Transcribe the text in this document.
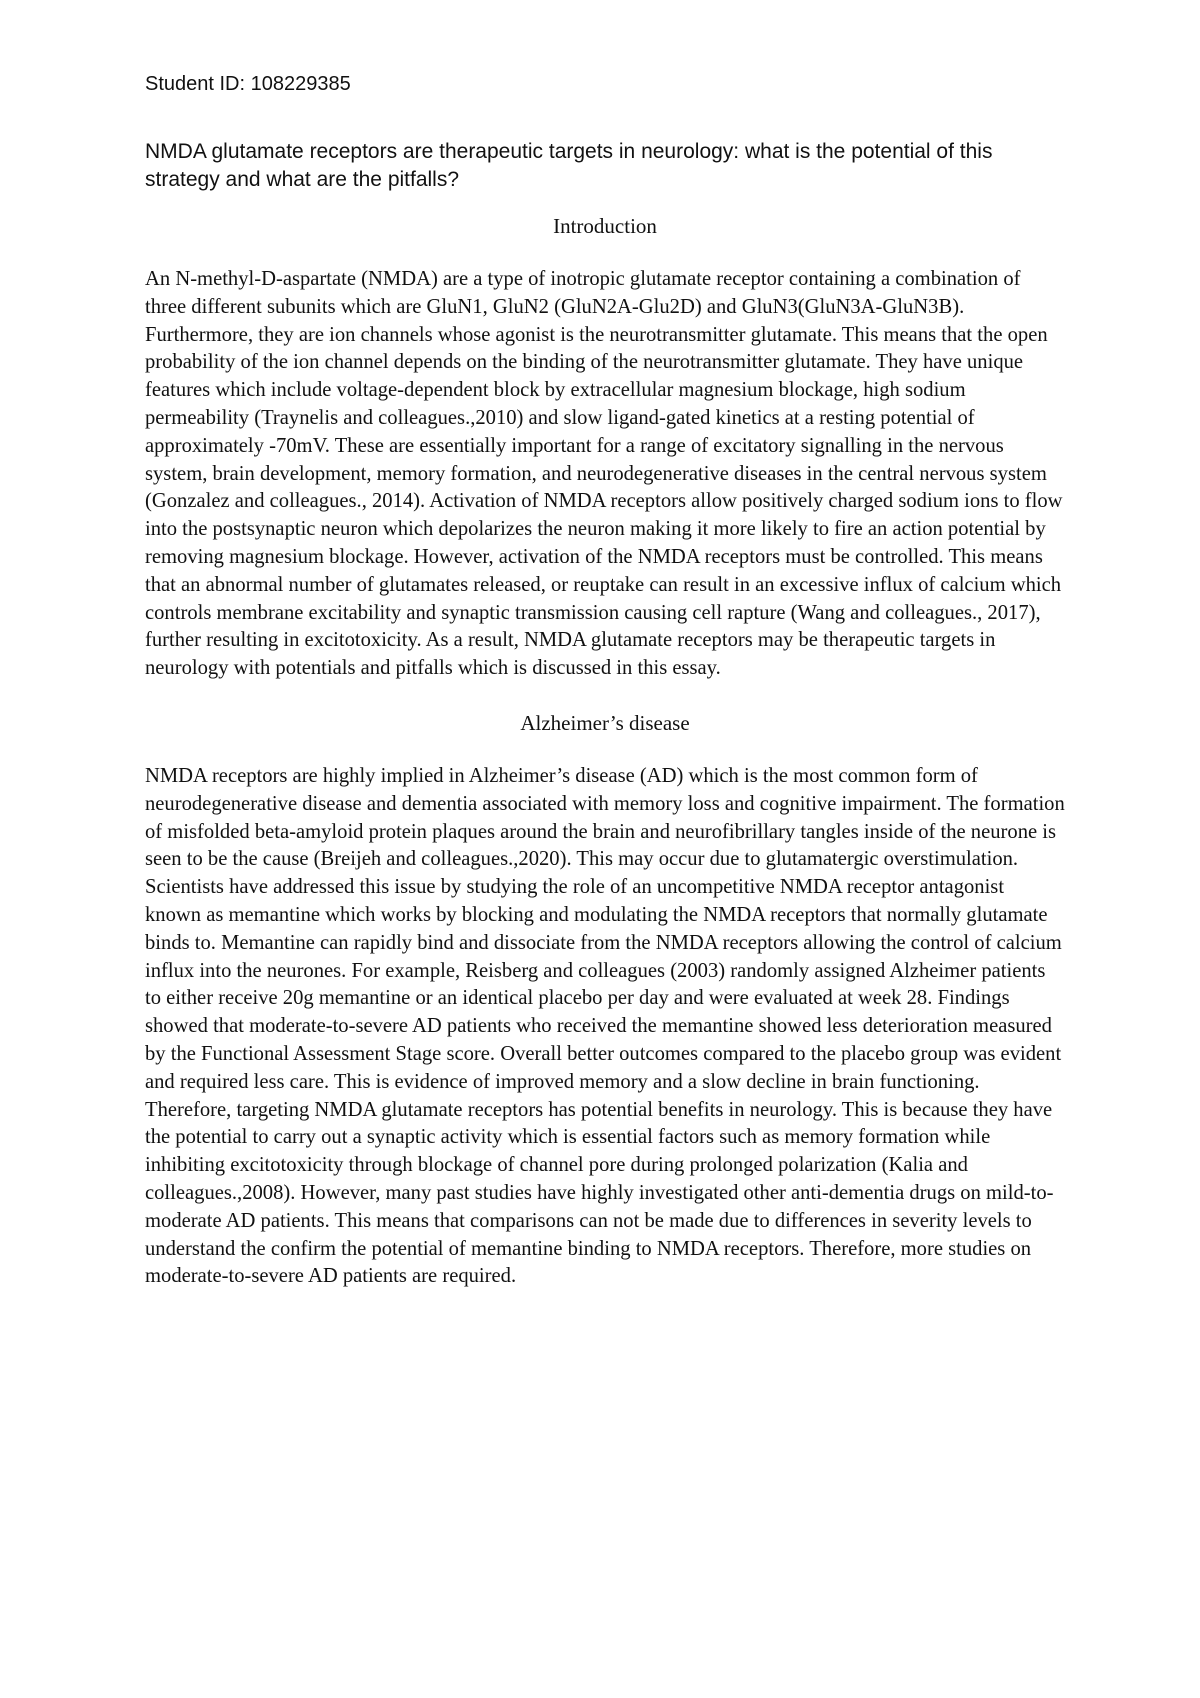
Student ID: 108229385

NMDA glutamate receptors are therapeutic targets in neurology: what is the potential of this strategy and what are the pitfalls?

Introduction

An N-methyl-D-aspartate (NMDA) are a type of inotropic glutamate receptor containing a combination of three different subunits which are GluN1, GluN2 (GluN2A-Glu2D) and GluN3(GluN3A-GluN3B). Furthermore, they are ion channels whose agonist is the neurotransmitter glutamate. This means that the open probability of the ion channel depends on the binding of the neurotransmitter glutamate. They have unique features which include voltage-dependent block by extracellular magnesium blockage, high sodium permeability (Traynelis and colleagues.,2010) and slow ligand-gated kinetics at a resting potential of approximately -70mV. These are essentially important for a range of excitatory signalling in the nervous system, brain development, memory formation, and neurodegenerative diseases in the central nervous system (Gonzalez and colleagues., 2014). Activation of NMDA receptors allow positively charged sodium ions to flow into the postsynaptic neuron which depolarizes the neuron making it more likely to fire an action potential by removing magnesium blockage. However, activation of the NMDA receptors must be controlled. This means that an abnormal number of glutamates released, or reuptake can result in an excessive influx of calcium which controls membrane excitability and synaptic transmission causing cell rapture (Wang and colleagues., 2017), further resulting in excitotoxicity. As a result, NMDA glutamate receptors may be therapeutic targets in neurology with potentials and pitfalls which is discussed in this essay.

Alzheimer’s disease

NMDA receptors are highly implied in Alzheimer’s disease (AD) which is the most common form of neurodegenerative disease and dementia associated with memory loss and cognitive impairment. The formation of misfolded beta-amyloid protein plaques around the brain and neurofibrillary tangles inside of the neurone is seen to be the cause (Breijeh and colleagues.,2020). This may occur due to glutamatergic overstimulation. Scientists have addressed this issue by studying the role of an uncompetitive NMDA receptor antagonist known as memantine which works by blocking and modulating the NMDA receptors that normally glutamate binds to. Memantine can rapidly bind and dissociate from the NMDA receptors allowing the control of calcium influx into the neurones. For example, Reisberg and colleagues (2003) randomly assigned Alzheimer patients to either receive 20g memantine or an identical placebo per day and were evaluated at week 28. Findings showed that moderate-to-severe AD patients who received the memantine showed less deterioration measured by the Functional Assessment Stage score. Overall better outcomes compared to the placebo group was evident and required less care. This is evidence of improved memory and a slow decline in brain functioning. Therefore, targeting NMDA glutamate receptors has potential benefits in neurology. This is because they have the potential to carry out a synaptic activity which is essential factors such as memory formation while inhibiting excitotoxicity through blockage of channel pore during prolonged polarization (Kalia and colleagues.,2008). However, many past studies have highly investigated other anti-dementia drugs on mild-to-moderate AD patients. This means that comparisons can not be made due to differences in severity levels to understand the confirm the potential of memantine binding to NMDA receptors. Therefore, more studies on moderate-to-severe AD patients are required.
